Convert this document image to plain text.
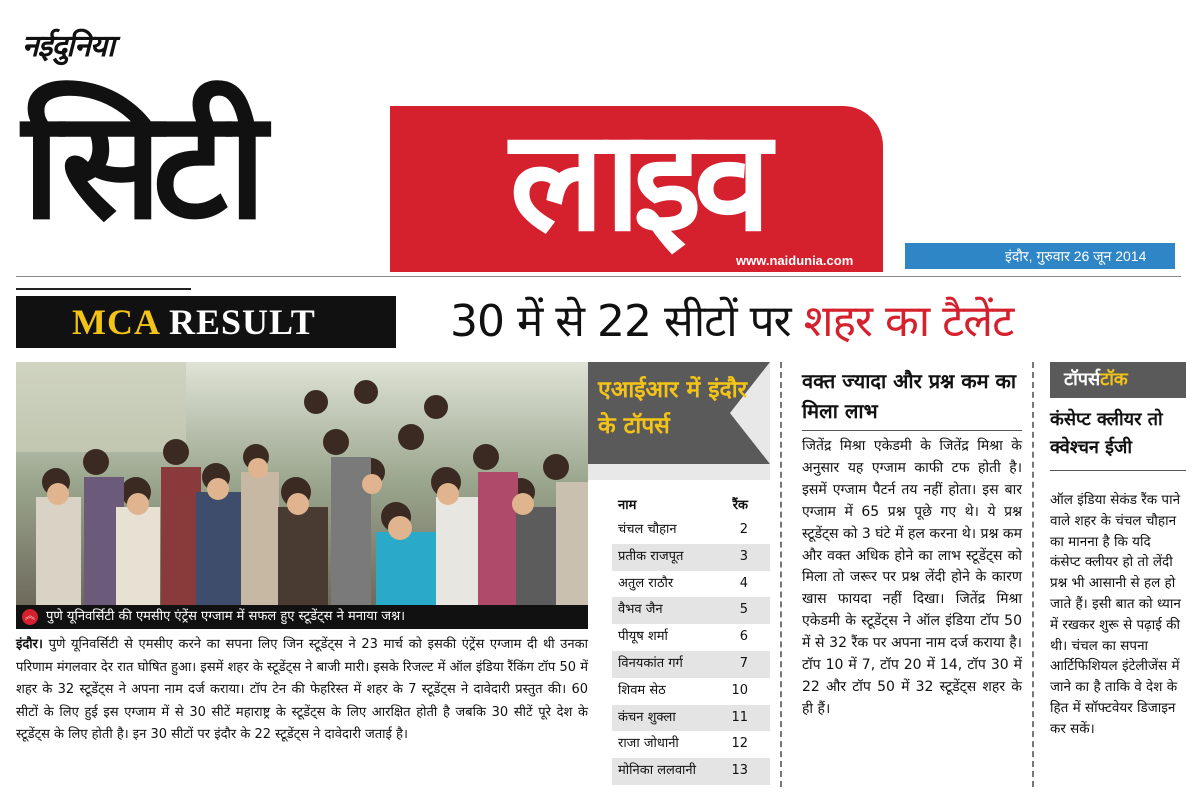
नईदुनिया
सिटी	लाइव
www.naidunia.com	इंदौर, गुरुवार 26 जून 2014
MCA RESULT	30 में से 22 सीटों पर शहर का टैलेंट
︽ पुणे यूनिवर्सिटी की एमसीए एंट्रेंस एग्जाम में सफल हुए स्टूडेंट्स ने मनाया जश्न।
इंदौर। पुणे यूनिवर्सिटी से एमसीए करने का सपना लिए जिन स्टूडेंट्स ने 23 मार्च को इसकी एंट्रेंस एग्जाम दी थी उनका परिणाम मंगलवार देर रात घोषित हुआ। इसमें शहर के स्टूडेंट्स ने बाजी मारी। इसके रिजल्ट में ऑल इंडिया रैंकिंग टॉप 50 में शहर के 32 स्टूडेंट्स ने अपना नाम दर्ज कराया। टॉप टेन की फेहरिस्त में शहर के 7 स्टूडेंट्स ने दावेदारी प्रस्तुत की। 60 सीटों के लिए हुई इस एग्जाम में से 30 सीटें महाराष्ट्र के स्टूडेंट्स के लिए आरक्षित होती है जबकि 30 सीटें पूरे देश के स्टूडेंट्स के लिए होती है। इन 30 सीटों पर इंदौर के 22 स्टूडेंट्स ने दावेदारी जताई है।
एआईआर में इंदौर के टॉपर्स
नाम	रैंक
चंचल चौहान	2
प्रतीक राजपूत	3
अतुल राठौर	4
वैभव जैन	5
पीयूष शर्मा	6
विनयकांत गर्ग	7
शिवम सेठ	10
कंचन शुक्ला	11
राजा जोधानी	12
मोनिका ललवानी	13
वक्त ज्यादा और प्रश्न कम का मिला लाभ
जितेंद्र मिश्रा एकेडमी के जितेंद्र मिश्रा के अनुसार यह एग्जाम काफी टफ होती है। इसमें एग्जाम पैटर्न तय नहीं होता। इस बार एग्जाम में 65 प्रश्न पूछे गए थे। ये प्रश्न स्टूडेंट्स को 3 घंटे में हल करना थे। प्रश्न कम और वक्त अधिक होने का लाभ स्टूडेंट्स को मिला तो जरूर पर प्रश्न लेंदी होने के कारण खास फायदा नहीं दिखा। जितेंद्र मिश्रा एकेडमी के स्टूडेंट्स ने ऑल इंडिया टॉप 50 में से 32 रैंक पर अपना नाम दर्ज कराया है। टॉप 10 में 7, टॉप 20 में 14, टॉप 30 में 22 और टॉप 50 में 32 स्टूडेंट्स शहर के ही हैं।
टॉपर्सटॉक
कंसेप्ट क्लीयर तो क्वेश्चन ईजी
ऑल इंडिया सेकंड रैंक पाने वाले शहर के चंचल चौहान का मानना है कि यदि कंसेप्ट क्लीयर हो तो लेंदी प्रश्न भी आसानी से हल हो जाते हैं। इसी बात को ध्यान में रखकर शुरू से पढ़ाई की थी। चंचल का सपना आर्टिफिशियल इंटेलीजेंस में जाने का है ताकि वे देश के हित में सॉफ्टवेयर डिजाइन कर सकें।
